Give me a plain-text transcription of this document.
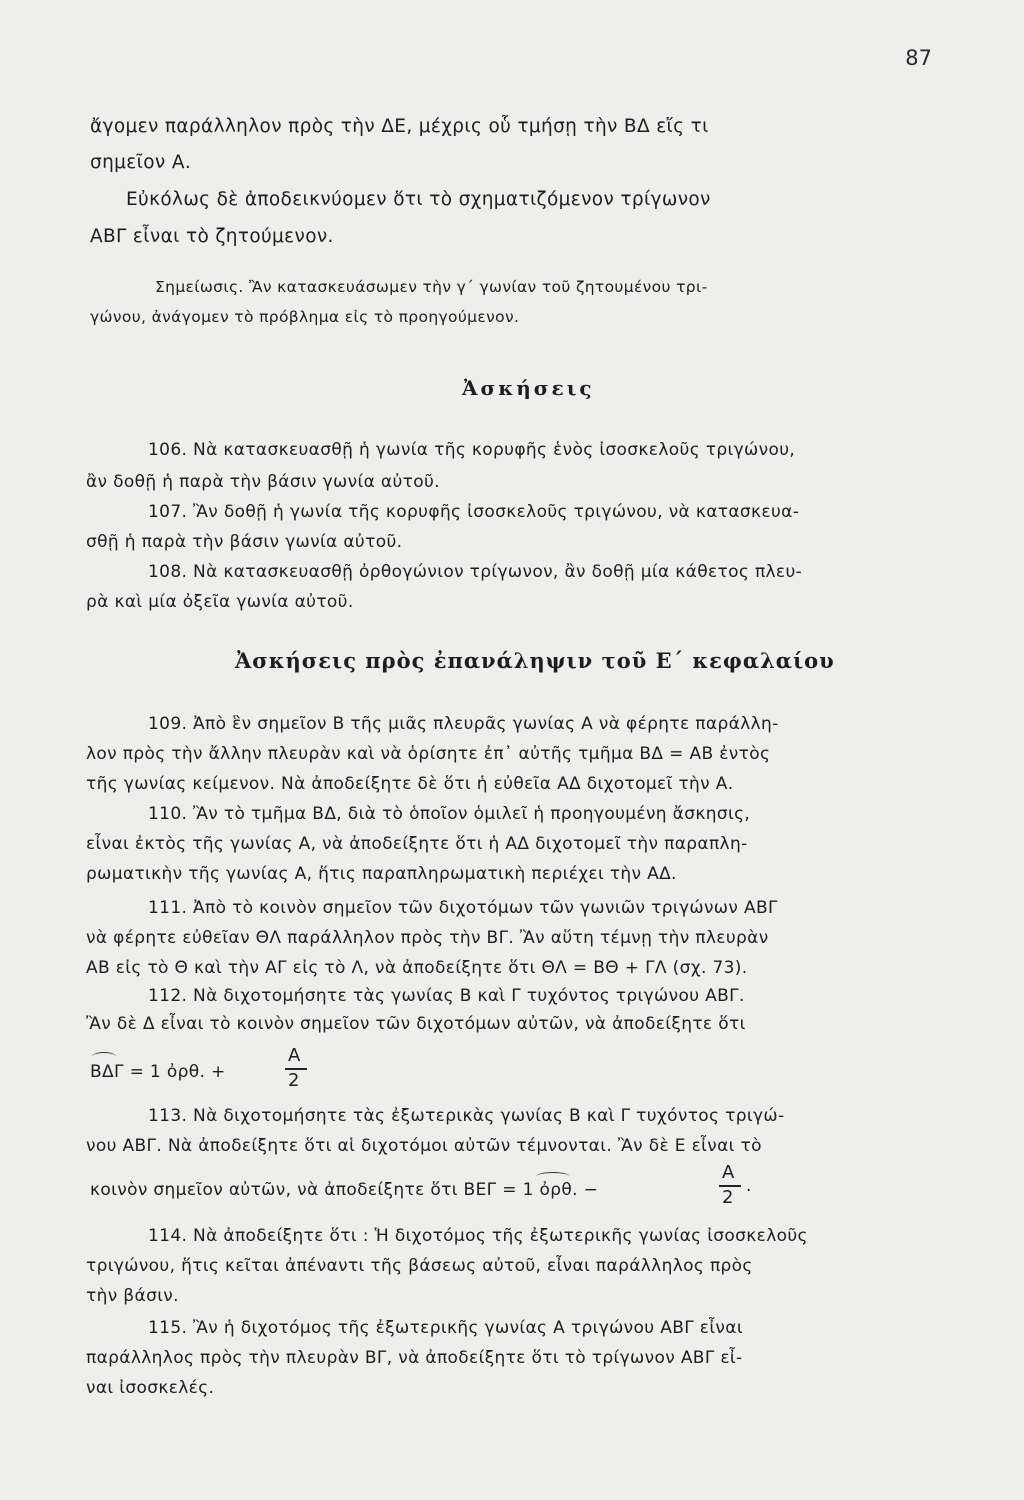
87
ἄγομεν παράλληλον πρὸς τὴν ΔΕ, μέχρις οὗ τμήσῃ τὴν ΒΔ εἴς τι
σημεῖον Α.
Εὐκόλως δὲ ἀποδεικνύομεν ὅτι τὸ σχηματιζόμενον τρίγωνον
ΑΒΓ εἶναι τὸ ζητούμενον.
Σημείωσις. Ἂν κατασκευάσωμεν τὴν γ΄ γωνίαν τοῦ ζητουμένου τρι-
γώνου, ἀνάγομεν τὸ πρόβλημα εἰς τὸ προηγούμενον.
Ἀσκήσεις
106. Νὰ κατασκευασθῇ ἡ γωνία τῆς κορυφῆς ἑνὸς ἰσοσκελοῦς τριγώνου,
ἂν δοθῇ ἡ παρὰ τὴν βάσιν γωνία αὐτοῦ.
107. Ἂν δοθῇ ἡ γωνία τῆς κορυφῆς ἰσοσκελοῦς τριγώνου, νὰ κατασκευα-
σθῇ ἡ παρὰ τὴν βάσιν γωνία αὐτοῦ.
108. Νὰ κατασκευασθῇ ὀρθογώνιον τρίγωνον, ἂν δοθῇ μία κάθετος πλευ-
ρὰ καὶ μία ὀξεῖα γωνία αὐτοῦ.
Ἀσκήσεις πρὸς ἐπανάληψιν τοῦ Ε΄ κεφαλαίου
109. Ἀπὸ ἓν σημεῖον Β τῆς μιᾶς πλευρᾶς γωνίας Α νὰ φέρητε παράλλη-
λον πρὸς τὴν ἄλλην πλευρὰν καὶ νὰ ὁρίσητε ἐπ᾽ αὐτῆς τμῆμα ΒΔ = ΑΒ ἐντὸς
τῆς γωνίας κείμενον. Νὰ ἀποδείξητε δὲ ὅτι ἡ εὐθεῖα ΑΔ διχοτομεῖ τὴν Α.
110. Ἂν τὸ τμῆμα ΒΔ, διὰ τὸ ὁποῖον ὁμιλεῖ ἡ προηγουμένη ἄσκησις,
εἶναι ἐκτὸς τῆς γωνίας Α, νὰ ἀποδείξητε ὅτι ἡ ΑΔ διχοτομεῖ τὴν παραπλη-
ρωματικὴν τῆς γωνίας Α, ἥτις παραπληρωματικὴ περιέχει τὴν ΑΔ.
111. Ἀπὸ τὸ κοινὸν σημεῖον τῶν διχοτόμων τῶν γωνιῶν τριγώνων ΑΒΓ
νὰ φέρητε εὐθεῖαν ΘΛ παράλληλον πρὸς τὴν ΒΓ. Ἂν αὕτη τέμνῃ τὴν πλευρὰν
ΑΒ εἰς τὸ Θ καὶ τὴν ΑΓ εἰς τὸ Λ, νὰ ἀποδείξητε ὅτι ΘΛ = ΒΘ + ΓΛ (σχ. 73).
112. Νὰ διχοτομήσητε τὰς γωνίας Β καὶ Γ τυχόντος τριγώνου ΑΒΓ.
Ἂν δὲ Δ εἶναι τὸ κοινὸν σημεῖον τῶν διχοτόμων αὐτῶν, νὰ ἀποδείξητε ὅτι
ΒΔΓ = 1 ὀρθ. +
Α
2
113. Νὰ διχοτομήσητε τὰς ἐξωτερικὰς γωνίας Β καὶ Γ τυχόντος τριγώ-
νου ΑΒΓ. Νὰ ἀποδείξητε ὅτι αἱ διχοτόμοι αὐτῶν τέμνονται. Ἂν δὲ Ε εἶναι τὸ
κοινὸν σημεῖον αὐτῶν, νὰ ἀποδείξητε ὅτι ΒΕΓ = 1 ὀρθ. −
Α
2
.
114. Νὰ ἀποδείξητε ὅτι : Ἡ διχοτόμος τῆς ἐξωτερικῆς γωνίας ἰσοσκελοῦς
τριγώνου, ἥτις κεῖται ἀπέναντι τῆς βάσεως αὐτοῦ, εἶναι παράλληλος πρὸς
τὴν βάσιν.
115. Ἂν ἡ διχοτόμος τῆς ἐξωτερικῆς γωνίας Α τριγώνου ΑΒΓ εἶναι
παράλληλος πρὸς τὴν πλευρὰν ΒΓ, νὰ ἀποδείξητε ὅτι τὸ τρίγωνον ΑΒΓ εἶ-
ναι ἰσοσκελές.
